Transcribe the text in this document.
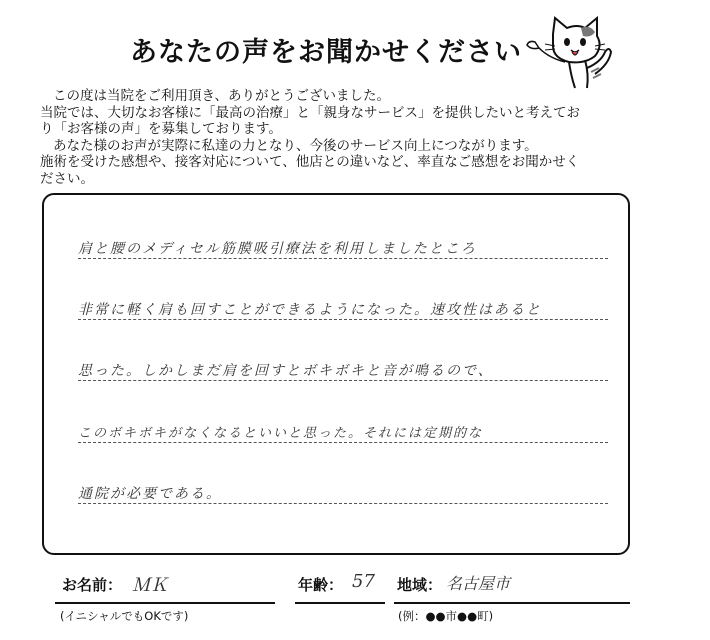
あなたの声をお聞かせください

この度は当院をご利用頂き、ありがとうございました。

当院では、大切なお客様に「最高の治療」と「親身なサービス」を提供したいと考えてお

り「お客様の声」を募集しております。

あなた様のお声が実際に私達の力となり、今後のサービス向上につながります。

施術を受けた感想や、接客対応について、他店との違いなど、率直なご感想をお聞かせく

ださい。

肩と腰のメディセル筋膜吸引療法を利用しましたところ
非常に軽く肩も回すことができるようになった。速攻性はあると
思った。しかしまだ肩を回すとボキボキと音が鳴るので、
このボキボキがなくなるといいと思った。それには定期的な
通院が必要である。
お名前： ＭＫ	年齢： 57 地域： 名古屋市
(イニシャルでもOKです)	(例：●●市●●町)
